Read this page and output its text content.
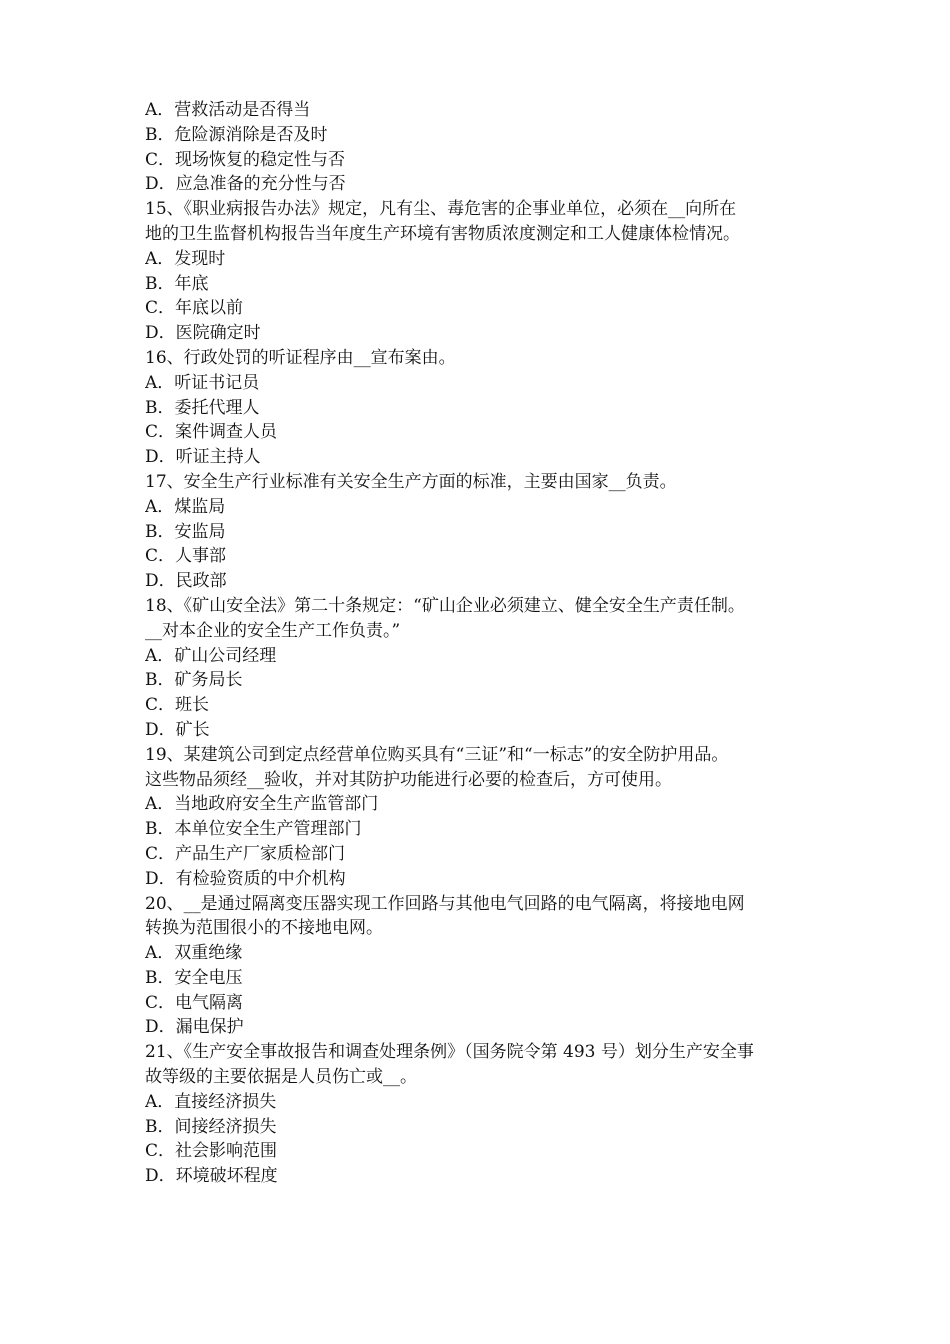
A．营救活动是否得当
B．危险源消除是否及时
C．现场恢复的稳定性与否
D．应急准备的充分性与否
15、《职业病报告办法》规定，凡有尘、毒危害的企事业单位，必须在__向所在
地的卫生监督机构报告当年度生产环境有害物质浓度测定和工人健康体检情况。
A．发现时
B．年底
C．年底以前
D．医院确定时
16、行政处罚的听证程序由__宣布案由。
A．听证书记员
B．委托代理人
C．案件调查人员
D．听证主持人
17、安全生产行业标准有关安全生产方面的标准，主要由国家__负责。
A．煤监局
B．安监局
C．人事部
D．民政部
18、《矿山安全法》第二十条规定：“矿山企业必须建立、健全安全生产责任制。
__对本企业的安全生产工作负责。”
A．矿山公司经理
B．矿务局长
C．班长
D．矿长
19、某建筑公司到定点经营单位购买具有“三证”和“一标志”的安全防护用品。
这些物品须经__验收，并对其防护功能进行必要的检查后，方可使用。
A．当地政府安全生产监管部门
B．本单位安全生产管理部门
C．产品生产厂家质检部门
D．有检验资质的中介机构
20、__是通过隔离变压器实现工作回路与其他电气回路的电气隔离，将接地电网
转换为范围很小的不接地电网。
A．双重绝缘
B．安全电压
C．电气隔离
D．漏电保护
21、《生产安全事故报告和调查处理条例》（国务院令第 493 号）划分生产安全事
故等级的主要依据是人员伤亡或__。
A．直接经济损失
B．间接经济损失
C．社会影响范围
D．环境破坏程度
